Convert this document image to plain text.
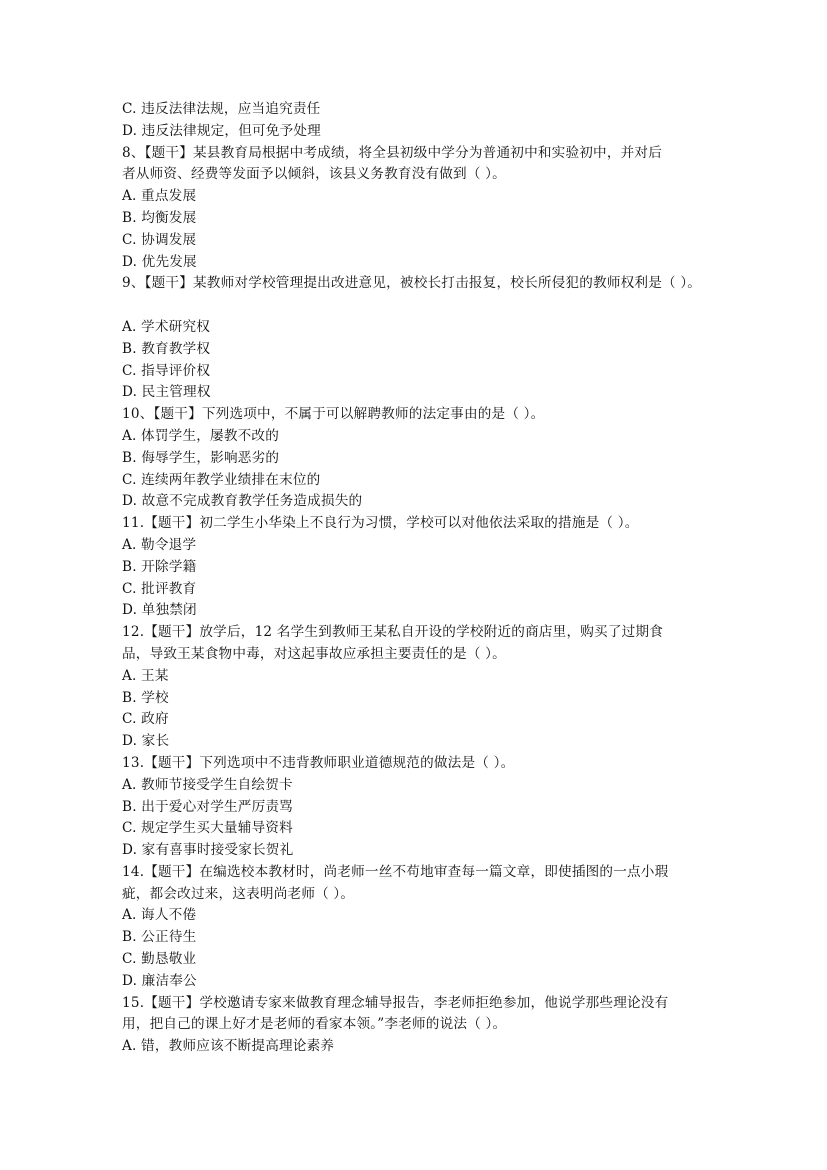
C. 违反法律法规，应当追究责任
D. 违反法律规定，但可免予处理
8、【题干】某县教育局根据中考成绩，将全县初级中学分为普通初中和实验初中，并对后
者从师资、经费等发面予以倾斜，该县义务教育没有做到（ ）。
A. 重点发展
B. 均衡发展
C. 协调发展
D. 优先发展
9、【题干】某教师对学校管理提出改进意见，被校长打击报复，校长所侵犯的教师权利是（ ）。
A. 学术研究权
B. 教育教学权
C. 指导评价权
D. 民主管理权
10、【题干】下列选项中，不属于可以解聘教师的法定事由的是（ ）。
A. 体罚学生，屡教不改的
B. 侮辱学生，影响恶劣的
C. 连续两年教学业绩排在末位的
D. 故意不完成教育教学任务造成损失的
11.【题干】初二学生小华染上不良行为习惯，学校可以对他依法采取的措施是（ ）。
A. 勒令退学
B. 开除学籍
C. 批评教育
D. 单独禁闭
12.【题干】放学后，12 名学生到教师王某私自开设的学校附近的商店里，购买了过期食
品，导致王某食物中毒，对这起事故应承担主要责任的是（ ）。
A. 王某
B. 学校
C. 政府
D. 家长
13.【题干】下列选项中不违背教师职业道德规范的做法是（ ）。
A. 教师节接受学生自绘贺卡
B. 出于爱心对学生严厉责骂
C. 规定学生买大量辅导资料
D. 家有喜事时接受家长贺礼
14.【题干】在编选校本教材时，尚老师一丝不苟地审查每一篇文章，即使插图的一点小瑕
疵，都会改过来，这表明尚老师（ ）。
A. 诲人不倦
B. 公正待生
C. 勤恳敬业
D. 廉洁奉公
15.【题干】学校邀请专家来做教育理念辅导报告，李老师拒绝参加，他说学那些理论没有
用，把自己的课上好才是老师的看家本领。”李老师的说法（ ）。
A. 错，教师应该不断提高理论素养
